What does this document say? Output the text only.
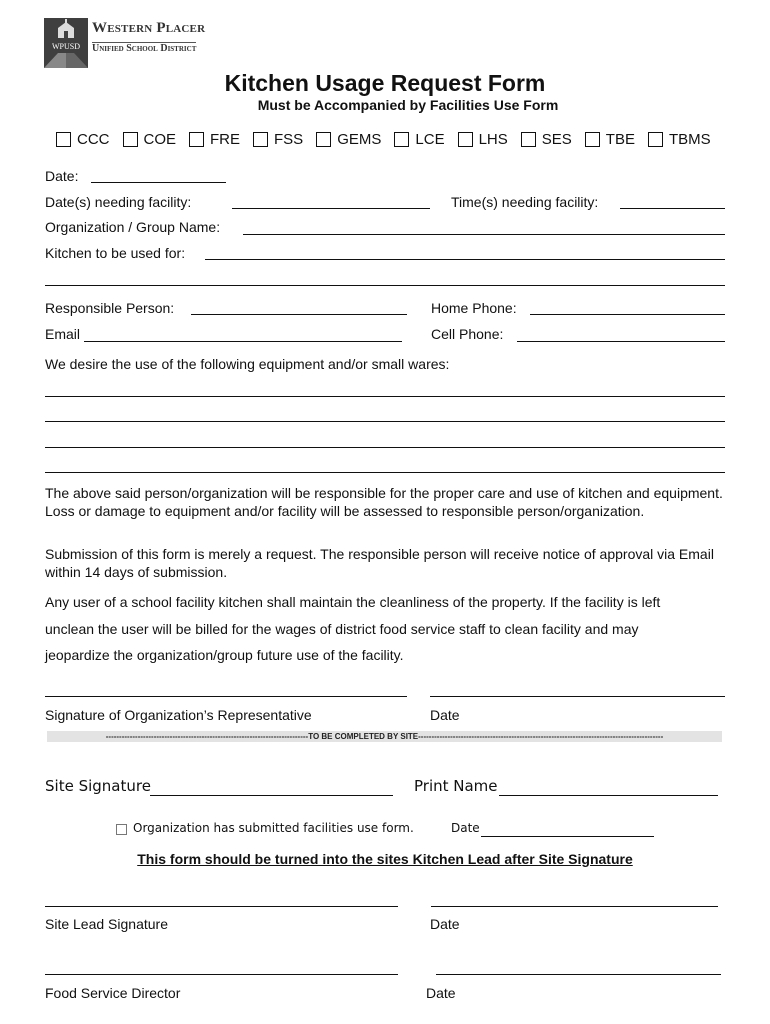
WPUSD
Western Placer
Unified School District
Kitchen Usage Request Form
Must be Accompanied by Facilities Use Form
CCC COE FRE FSS GEMS LCE LHS SES TBE TBMS
Date:
Date(s) needing facility:	Time(s) needing facility:
Organization / Group Name:
Kitchen to be used for:
Responsible Person:	Home Phone:
Email	Cell Phone:
We desire the use of the following equipment and/or small wares:
The above said person/organization will be responsible for the proper care and use of kitchen and equipment. Loss or damage to equipment and/or facility will be assessed to responsible person/organization.
Submission of this form is merely a request. The responsible person will receive notice of approval via Email within 14 days of submission.
Any user of a school facility kitchen shall maintain the cleanliness of the property. If the facility is left
unclean the user will be billed for the wages of district food service staff to clean facility and may
jeopardize the organization/group future use of the facility.
Signature of Organization’s Representative	Date
----------------------------------------------------------------------------TO BE COMPLETED BY SITE--------------------------------------------------------------------------------------------
Site Signature	Print Name
Organization has submitted facilities use form.	Date
This form should be turned into the sites Kitchen Lead after Site Signature
Site Lead Signature	Date
Food Service Director	Date
